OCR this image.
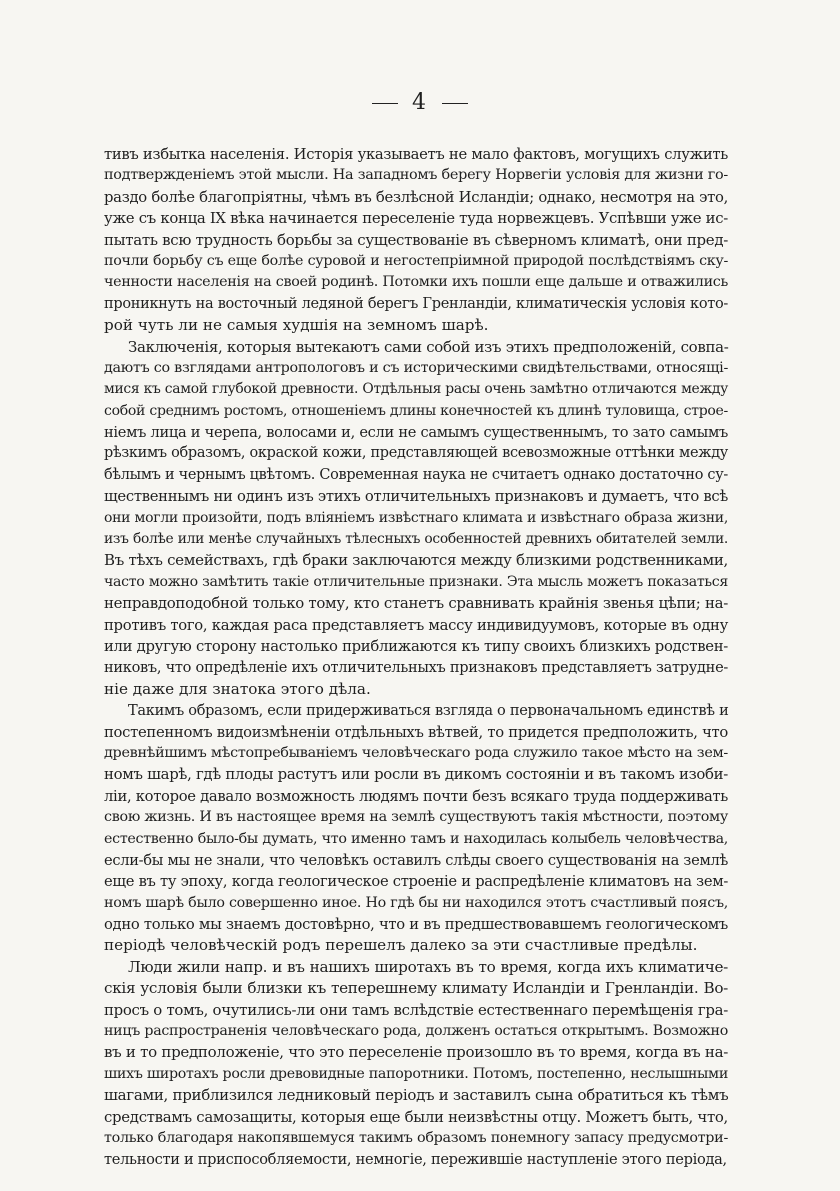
4
тивъ избытка населенія. Исторія указываетъ не мало фактовъ, могущихъ служить
подтвержденіемъ этой мысли. На западномъ берегу Норвегіи условія для жизни го-
раздо болѣе благопріятны, чѣмъ въ безлѣсной Исландіи; однако, несмотря на это,
уже съ конца IX вѣка начинается переселеніе туда норвежцевъ. Успѣвши уже ис-
пытать всю трудность борьбы за существованіе въ сѣверномъ климатѣ, они пред-
почли борьбу съ еще болѣе суровой и негостепріимной природой послѣдствіямъ ску-
ченности населенія на своей родинѣ. Потомки ихъ пошли еще дальше и отважились
проникнуть на восточный ледяной берегъ Гренландіи, климатическія условія кото-
рой чуть ли не самыя худшія на земномъ шарѣ.
Заключенія, которыя вытекаютъ сами собой изъ этихъ предположеній, совпа-
даютъ со взглядами антропологовъ и съ историческими свидѣтельствами, относящі-
мися къ самой глубокой древности. Отдѣльныя расы очень замѣтно отличаются между
собой среднимъ ростомъ, отношеніемъ длины конечностей къ длинѣ туловища, строе-
ніемъ лица и черепа, волосами и, если не самымъ существеннымъ, то зато самымъ
рѣзкимъ образомъ, окраской кожи, представляющей всевозможные оттѣнки между
бѣлымъ и чернымъ цвѣтомъ. Современная наука не считаетъ однако достаточно су-
щественнымъ ни одинъ изъ этихъ отличительныхъ признаковъ и думаетъ, что всѣ
они могли произойти, подъ вліяніемъ извѣстнаго климата и извѣстнаго образа жизни,
изъ болѣе или менѣе случайныхъ тѣлесныхъ особенностей древнихъ обитателей земли.
Въ тѣхъ семействахъ, гдѣ браки заключаются между близкими родственниками,
часто можно замѣтить такіе отличительные признаки. Эта мысль можетъ показаться
неправдоподобной только тому, кто станетъ сравнивать крайнія звенья цѣпи; на-
противъ того, каждая раса представляетъ массу индивидуумовъ, которые въ одну
или другую сторону настолько приближаются къ типу своихъ близкихъ родствен-
никовъ, что опредѣленіе ихъ отличительныхъ признаковъ представляетъ затрудне-
ніе даже для знатока этого дѣла.
Такимъ образомъ, если придерживаться взгляда о первоначальномъ единствѣ и
постепенномъ видоизмѣненіи отдѣльныхъ вѣтвей, то придется предположить, что
древнѣйшимъ мѣстопребываніемъ человѣческаго рода служило такое мѣсто на зем-
номъ шарѣ, гдѣ плоды растутъ или росли въ дикомъ состояніи и въ такомъ изоби-
ліи, которое давало возможность людямъ почти безъ всякаго труда поддерживать
свою жизнь. И въ настоящее время на землѣ существуютъ такія мѣстности, поэтому
естественно было-бы думать, что именно тамъ и находилась колыбель человѣчества,
если-бы мы не знали, что человѣкъ оставилъ слѣды своего существованія на землѣ
еще въ ту эпоху, когда геологическое строеніе и распредѣленіе климатовъ на зем-
номъ шарѣ было совершенно иное. Но гдѣ бы ни находился этотъ счастливый поясъ,
одно только мы знаемъ достовѣрно, что и въ предшествовавшемъ геологическомъ
періодѣ человѣческій родъ перешелъ далеко за эти счастливые предѣлы.
Люди жили напр. и въ нашихъ широтахъ въ то время, когда ихъ климатиче-
скія условія были близки къ теперешнему климату Исландіи и Гренландіи. Во-
просъ о томъ, очутились-ли они тамъ вслѣдствіе естественнаго перемѣщенія гра-
ницъ распространенія человѣческаго рода, долженъ остаться открытымъ. Возможно
въ и то предположеніе, что это переселеніе произошло въ то время, когда въ на-
шихъ широтахъ росли древовидные папоротники. Потомъ, постепенно, неслышными
шагами, приблизился ледниковый періодъ и заставилъ сына обратиться къ тѣмъ
средствамъ самозащиты, которыя еще были неизвѣстны отцу. Можетъ быть, что,
только благодаря накопявшемуся такимъ образомъ понемногу запасу предусмотри-
тельности и приспособляемости, немногіе, пережившіе наступленіе этого періода,
